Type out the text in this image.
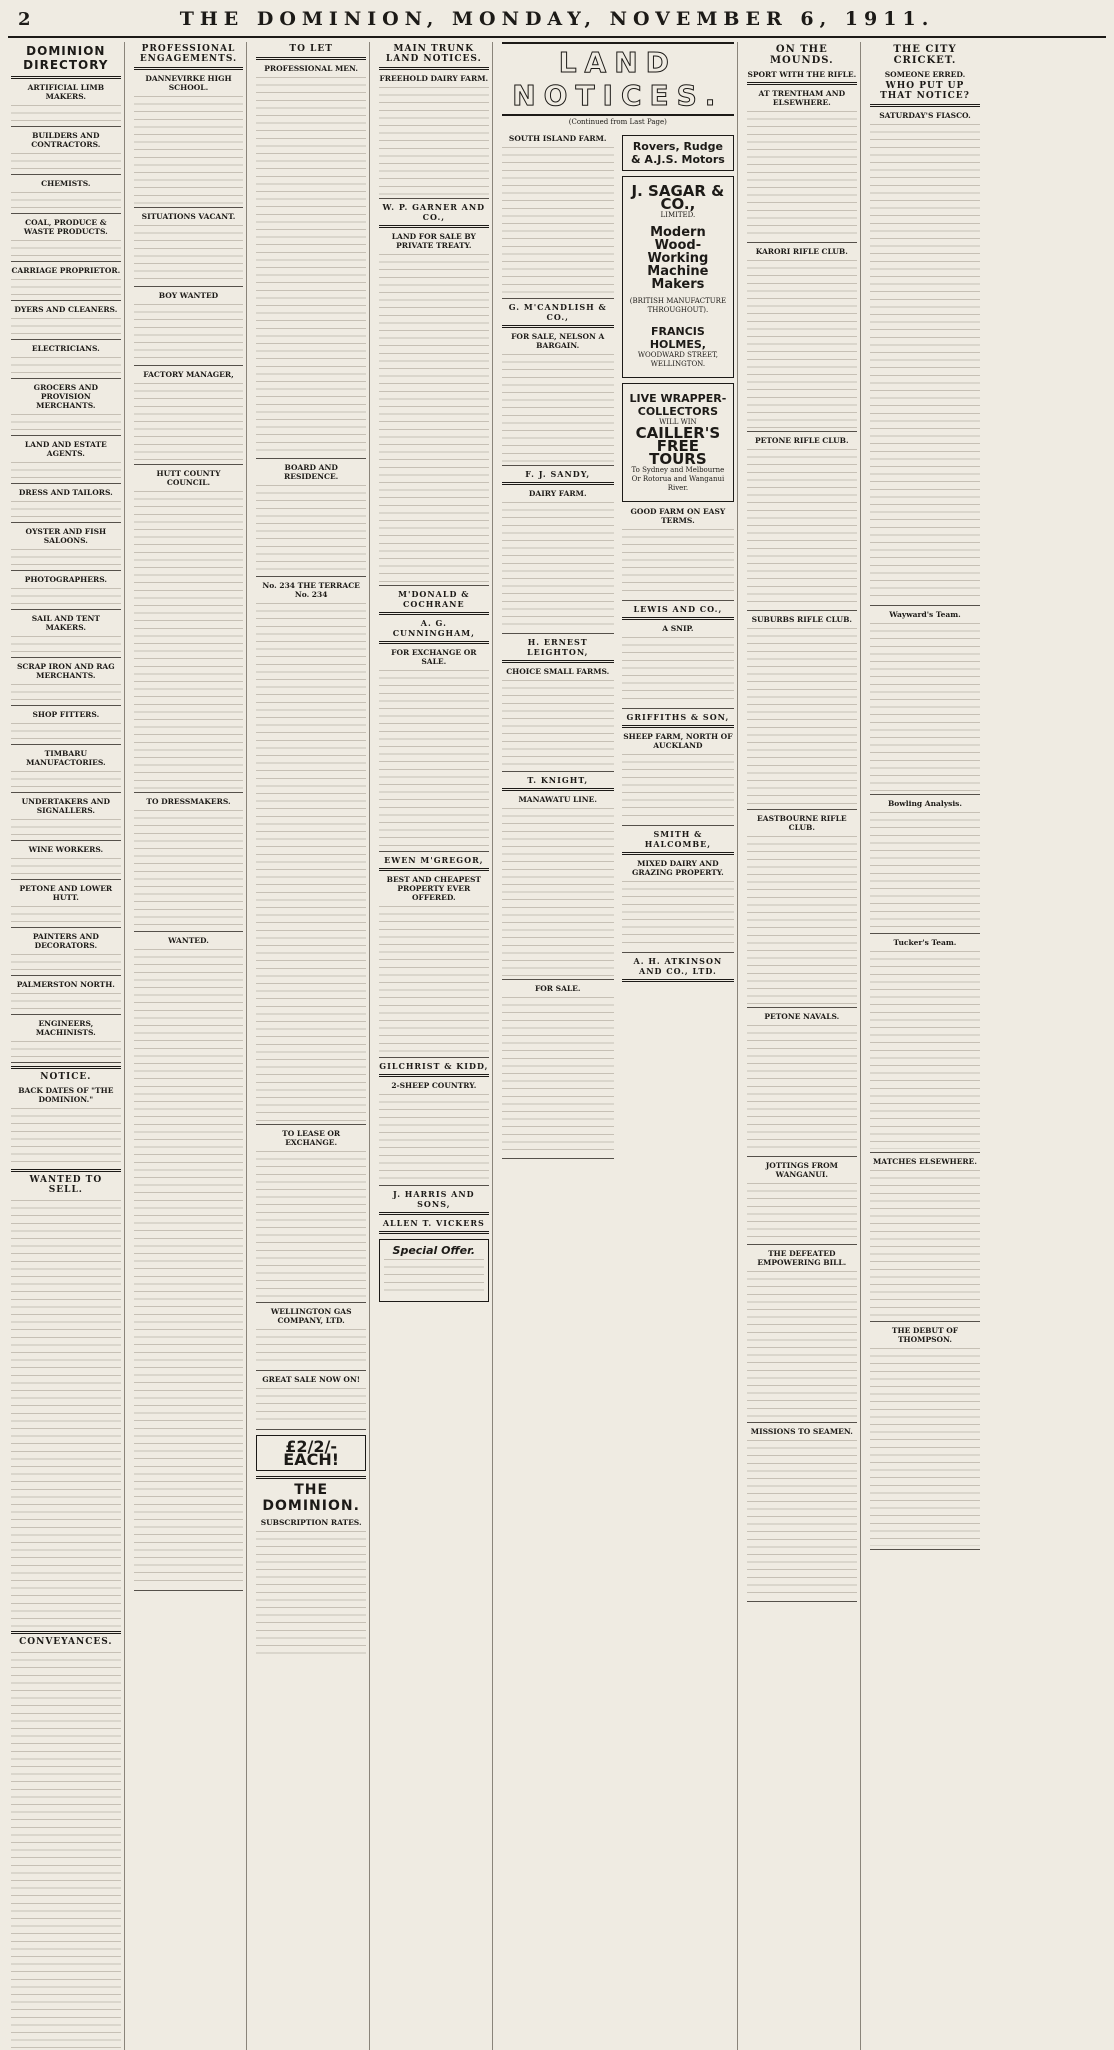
2	THE DOMINION, MONDAY, NOVEMBER 6, 1911.
DOMINION DIRECTORY
ARTIFICIAL LIMB MAKERS.
BUILDERS AND CONTRACTORS.
CHEMISTS.
COAL, PRODUCE & WASTE PRODUCTS.
CARRIAGE PROPRIETOR.
DYERS AND CLEANERS.
ELECTRICIANS.
GROCERS AND PROVISION MERCHANTS.
LAND AND ESTATE AGENTS.
DRESS AND TAILORS.
OYSTER AND FISH SALOONS.
PHOTOGRAPHERS.
SAIL AND TENT MAKERS.
SCRAP IRON AND RAG MERCHANTS.
SHOP FITTERS.
TIMBARU MANUFACTORIES.
UNDERTAKERS AND SIGNALLERS.
WINE WORKERS.
PETONE AND LOWER HUTT.
PAINTERS AND DECORATORS.
PALMERSTON NORTH.
ENGINEERS, MACHINISTS.
NOTICE.
BACK DATES OF "THE DOMINION."
WANTED TO SELL.
CONVEYANCES.
PROFESSIONAL ENGAGEMENTS.
DANNEVIRKE HIGH SCHOOL.
SITUATIONS VACANT.
BOY WANTED
FACTORY MANAGER,
HUTT COUNTY COUNCIL.
TO DRESSMAKERS.
WANTED.
TO LET
PROFESSIONAL MEN.
BOARD AND RESIDENCE.
No. 234 THE TERRACE No. 234
TO LEASE OR EXCHANGE.
WELLINGTON GAS COMPANY, LTD.
GREAT SALE NOW ON!
£2/2/- EACH!
THE DOMINION.
SUBSCRIPTION RATES.
MAIN TRUNK LAND NOTICES.
FREEHOLD DAIRY FARM.
W. P. GARNER AND CO.,
LAND FOR SALE BY PRIVATE TREATY.
M'DONALD & COCHRANE
A. G. CUNNINGHAM,
FOR EXCHANGE OR SALE.
EWEN M'GREGOR,
BEST AND CHEAPEST PROPERTY EVER OFFERED.
GILCHRIST & KIDD,
2-SHEEP COUNTRY.
J. HARRIS AND SONS,
ALLEN T. VICKERS
Special Offer.
LAND NOTICES.
(Continued from Last Page)
SOUTH ISLAND FARM.
G. M'CANDLISH & CO.,
FOR SALE, NELSON A BARGAIN.
F. J. SANDY,
DAIRY FARM.
H. ERNEST LEIGHTON,
CHOICE SMALL FARMS.
T. KNIGHT,
MANAWATU LINE.
FOR SALE.
Rovers, Rudge & A.J.S. Motors
J. SAGAR & CO.,
LIMITED.
Modern
Wood-Working
Machine Makers
(BRITISH MANUFACTURE THROUGHOUT).
FRANCIS HOLMES,
WOODWARD STREET, WELLINGTON.
LIVE WRAPPER-COLLECTORS
WILL WIN
CAILLER'S FREE TOURS
To Sydney and Melbourne Or Rotorua and Wanganui River.
GOOD FARM ON EASY TERMS.
LEWIS AND CO.,
A SNIP.
GRIFFITHS & SON,
SHEEP FARM, NORTH OF AUCKLAND
SMITH & HALCOMBE,
MIXED DAIRY AND GRAZING PROPERTY.
A. H. ATKINSON AND CO., LTD.
ON THE MOUNDS.
SPORT WITH THE RIFLE.
AT TRENTHAM AND ELSEWHERE.
KARORI RIFLE CLUB.
PETONE RIFLE CLUB.
SUBURBS RIFLE CLUB.
EASTBOURNE RIFLE CLUB.
PETONE NAVALS.
JOTTINGS FROM WANGANUI.
THE DEFEATED EMPOWERING BILL.
MISSIONS TO SEAMEN.
THE CITY CRICKET.
SOMEONE ERRED.
WHO PUT UP THAT NOTICE?
SATURDAY'S FIASCO.
Wayward's Team.
Bowling Analysis.
Tucker's Team.
MATCHES ELSEWHERE.
THE DEBUT OF THOMPSON.
